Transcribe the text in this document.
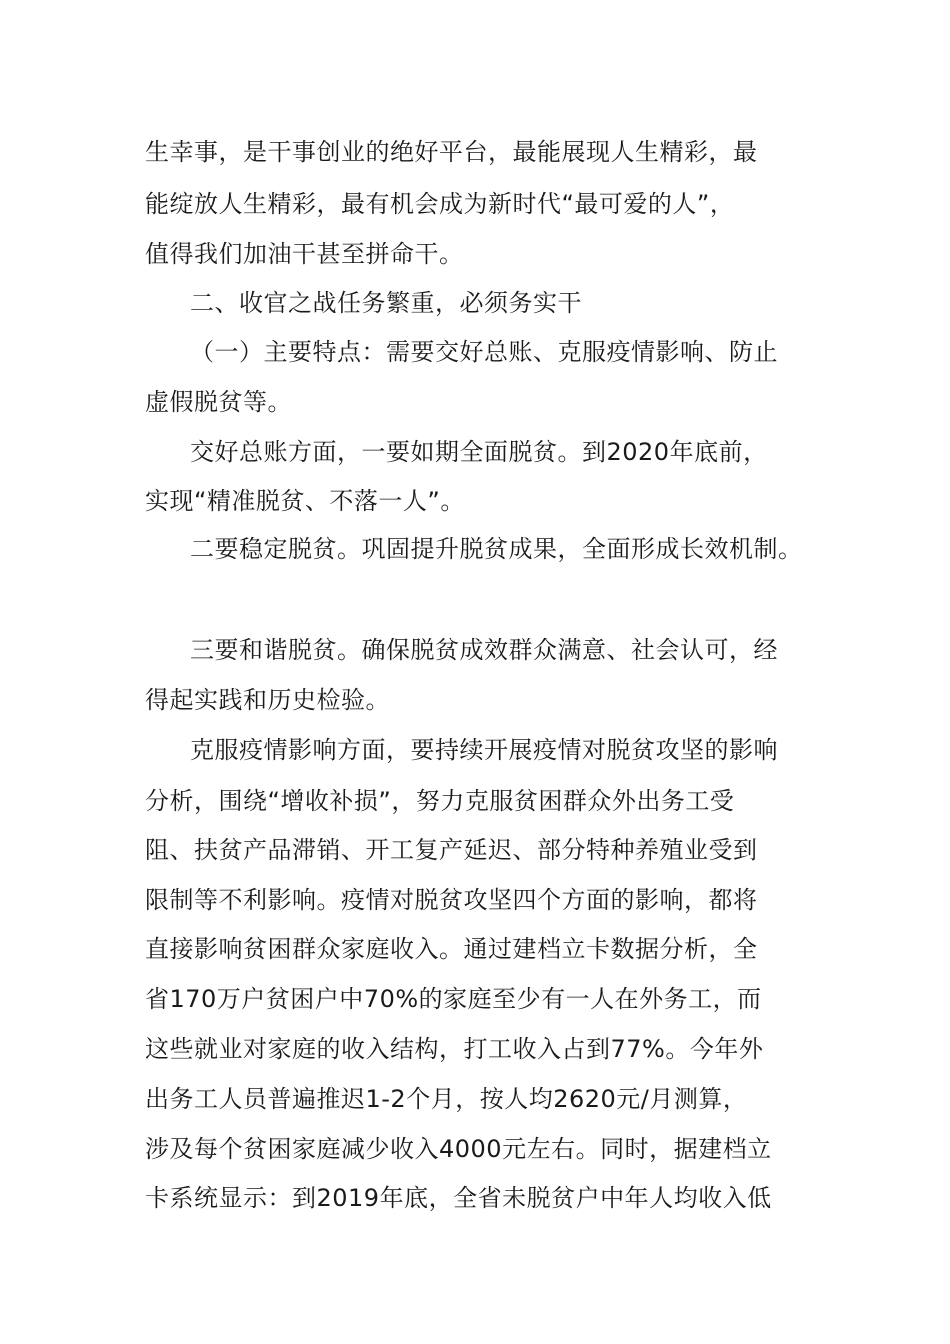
生幸事，是干事创业的绝好平台，最能展现人生精彩，最
能绽放人生精彩，最有机会成为新时代“最可爱的人”，
值得我们加油干甚至拼命干。
二、收官之战任务繁重，必须务实干
（一）主要特点：需要交好总账、克服疫情影响、防止
虚假脱贫等。
交好总账方面，一要如期全面脱贫。到2020年底前，
实现“精准脱贫、不落一人”。
二要稳定脱贫。巩固提升脱贫成果，全面形成长效机制。
三要和谐脱贫。确保脱贫成效群众满意、社会认可，经
得起实践和历史检验。
克服疫情影响方面，要持续开展疫情对脱贫攻坚的影响
分析，围绕“增收补损”，努力克服贫困群众外出务工受
阻、扶贫产品滞销、开工复产延迟、部分特种养殖业受到
限制等不利影响。疫情对脱贫攻坚四个方面的影响，都将
直接影响贫困群众家庭收入。通过建档立卡数据分析，全
省170万户贫困户中70%的家庭至少有一人在外务工，而
这些就业对家庭的收入结构，打工收入占到77%。今年外
出务工人员普遍推迟1-2个月，按人均2620元/月测算，
涉及每个贫困家庭减少收入4000元左右。同时，据建档立
卡系统显示：到2019年底，全省未脱贫户中年人均收入低
